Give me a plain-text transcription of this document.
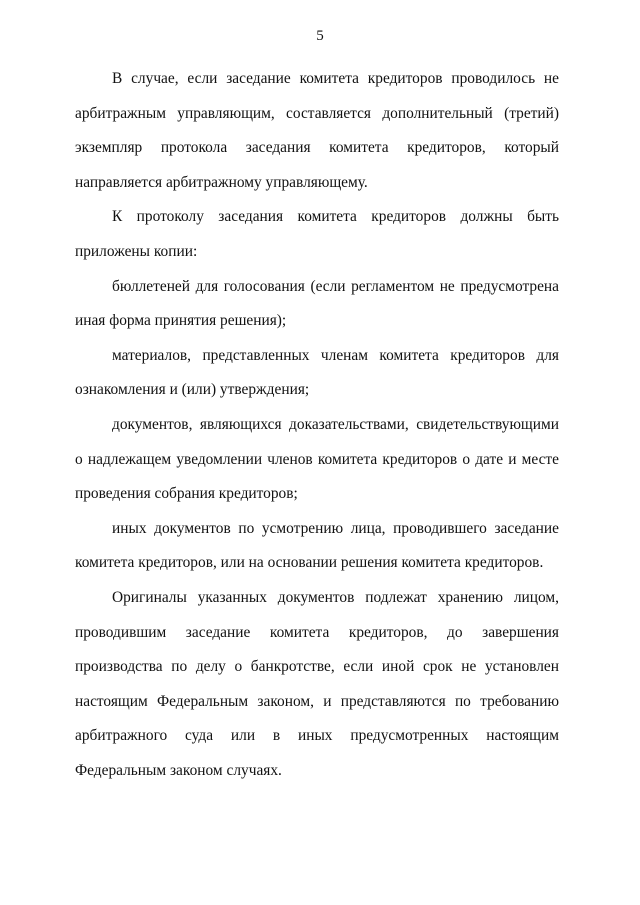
5

В случае, если заседание комитета кредиторов проводилось не арбитражным управляющим, составляется дополнительный (третий) экземпляр протокола заседания комитета кредиторов, который направляется арбитражному управляющему.

К протоколу заседания комитета кредиторов должны быть приложены копии:

бюллетеней для голосования (если регламентом не предусмотрена иная форма принятия решения);

материалов, представленных членам комитета кредиторов для ознакомления и (или) утверждения;

документов, являющихся доказательствами, свидетельствующими о надлежащем уведомлении членов комитета кредиторов о дате и месте проведения собрания кредиторов;

иных документов по усмотрению лица, проводившего заседание комитета кредиторов, или на основании решения комитета кредиторов.

Оригиналы указанных документов подлежат хранению лицом, проводившим заседание комитета кредиторов, до завершения производства по делу о банкротстве, если иной срок не установлен настоящим Федеральным законом, и представляются по требованию арбитражного суда или в иных предусмотренных настоящим Федеральным законом случаях.
